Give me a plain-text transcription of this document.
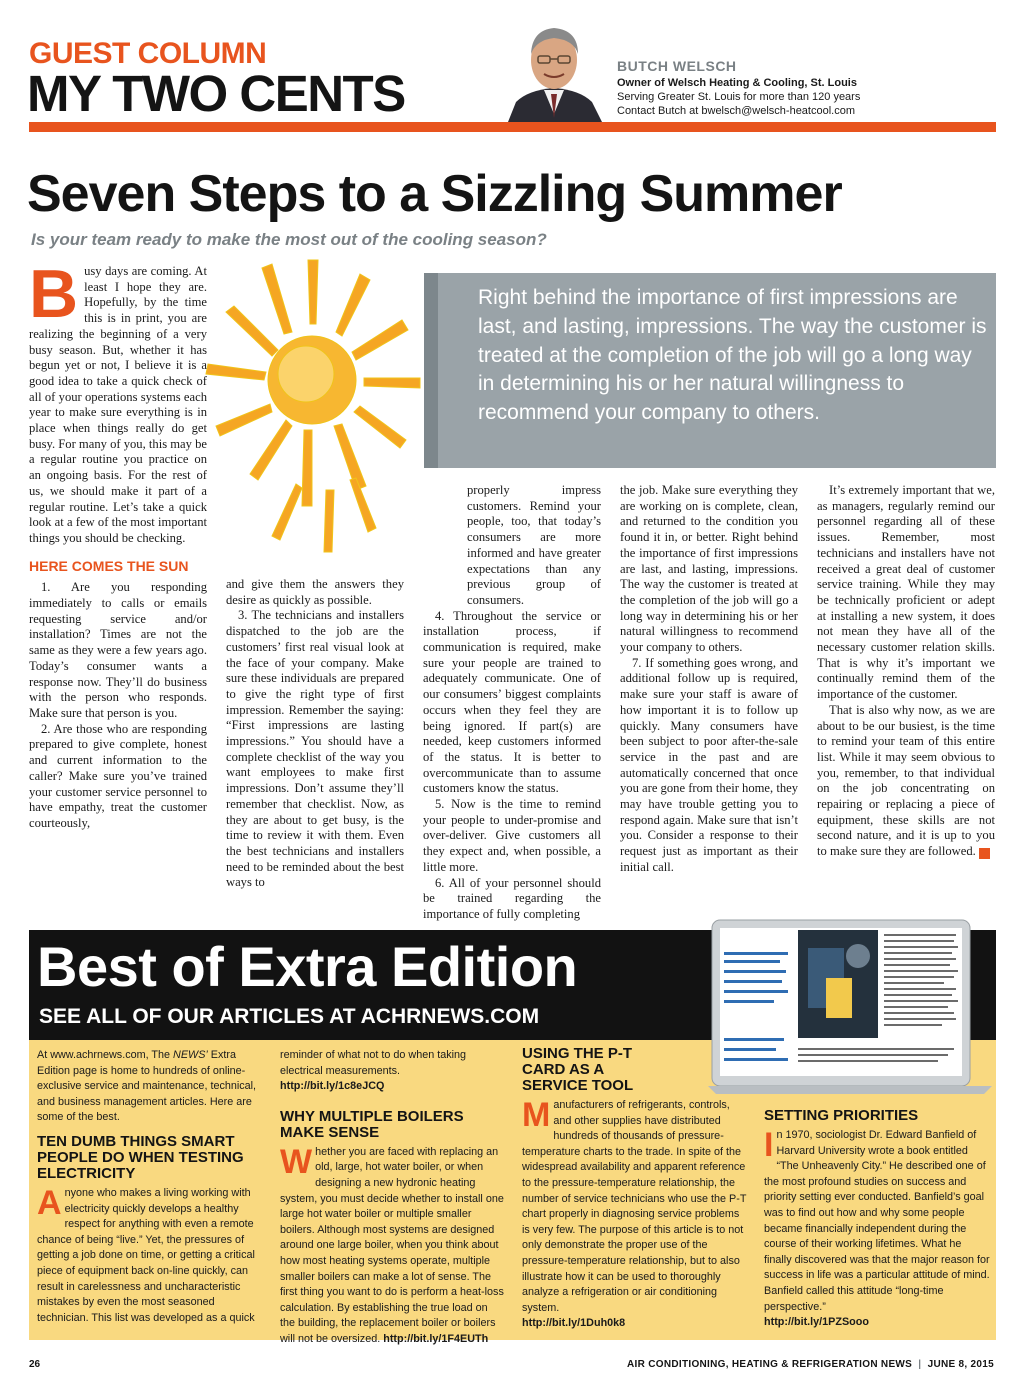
GUEST COLUMN
MY TWO CENTS	BUTCH WELSCH
Owner of Welsch Heating & Cooling, St. Louis
Serving Greater St. Louis for more than 120 years
Contact Butch at bwelsch@welsch-heatcool.com
Seven Steps to a Sizzling Summer
Is your team ready to make the most out of the cooling season?
Right behind the importance of first impressions are last, and lasting, impressions. The way the customer is treated at the completion of the job will go a long way in determining his or her natural willingness to recommend your company to others.

Busy days are coming. At least I hope they are. Hopefully, by the time this is in print, you are realizing the beginning of a very busy season. But, whether it has begun yet or not, I believe it is a good idea to take a quick check of all of your operations systems each year to make sure everything is in place when things really do get busy. For many of you, this may be a regular routine you practice on an ongoing basis. For the rest of us, we should make it part of a regular routine. Let’s take a quick look at a few of the most important things you should be checking.

HERE COMES THE SUN

1. Are you responding immediately to calls or emails requesting service and/or installation? Times are not the same as they were a few years ago. Today’s consumer wants a response now. They’ll do business with the person who responds. Make sure that person is you.

2. Are those who are responding prepared to give complete, honest and current information to the caller? Make sure you’ve trained your customer service personnel to have empathy, treat the customer courteously,

and give them the answers they desire as quickly as possible.

3. The technicians and installers dispatched to the job are the customers’ first real visual look at the face of your company. Make sure these individuals are prepared to give the right type of first impression. Remember the saying: “First impressions are lasting impressions.” You should have a complete checklist of the way you want employees to make first impressions. Don’t assume they’ll remember that checklist. Now, as they are about to get busy, is the time to review it with them. Even the best technicians and installers need to be reminded about the best ways to

properly impress customers. Remind your people, too, that today’s consumers are more informed and have greater expectations than any previous group of consumers.

4. Throughout the service or installation process, if communication is required, make sure your people are trained to adequately communicate. One of our consumers’ biggest complaints occurs when they feel they are being ignored. If part(s) are needed, keep customers informed of the status. It is better to overcommunicate than to assume customers know the status.

5. Now is the time to remind your people to under-promise and over-deliver. Give customers all they expect and, when possible, a little more.

6. All of your personnel should be trained regarding the importance of fully completing

the job. Make sure everything they are working on is complete, clean, and returned to the condition you found it in, or better. Right behind the importance of first impressions are last, and lasting, impressions. The way the customer is treated at the completion of the job will go a long way in determining his or her natural willingness to recommend your company to others.

7. If something goes wrong, and additional follow up is required, make sure your staff is aware of how important it is to follow up quickly. Many consumers have been subject to poor after-the-sale service in the past and are automatically concerned that once you are gone from their home, they may have trouble getting you to respond again. Make sure that isn’t you. Consider a response to their request just as important as their initial call.

It’s extremely important that we, as managers, regularly remind our personnel regarding all of these issues. Remember, most technicians and installers have not received a great deal of customer service training. While they may be technically proficient or adept at installing a new system, it does not mean they have all of the necessary customer relation skills. That is why it’s important we continually remind them of the importance of the customer.

That is also why now, as we are about to be our busiest, is the time to remind your team of this entire list. While it may seem obvious to you, remember, to that individual on the job concentrating on repairing or replacing a piece of equipment, these skills are not second nature, and it is up to you to make sure they are followed. N

Best of Extra Edition
SEE ALL OF OUR ARTICLES AT ACHRNEWS.COM

At www.achrnews.com, The NEWS’ Extra Edition page is home to hundreds of online-exclusive service and maintenance, technical, and business management articles. Here are some of the best.

TEN DUMB THINGS SMART PEOPLE DO WHEN TESTING ELECTRICITY

Anyone who makes a living working with electricity quickly develops a healthy respect for anything with even a remote chance of being “live.” Yet, the pressures of getting a job done on time, or getting a critical piece of equipment back on-line quickly, can result in carelessness and uncharacteristic mistakes by even the most seasoned technician. This list was developed as a quick

reminder of what not to do when taking electrical measurements. http://bit.ly/1c8eJCQ

WHY MULTIPLE BOILERS MAKE SENSE

Whether you are faced with replacing an old, large, hot water boiler, or when designing a new hydronic heating system, you must decide whether to install one large hot water boiler or multiple smaller boilers. Although most systems are designed around one large boiler, when you think about how most heating systems operate, multiple smaller boilers can make a lot of sense. The first thing you want to do is perform a heat-loss calculation. By establishing the true load on the building, the replacement boiler or boilers will not be oversized. http://bit.ly/1F4EUTh

USING THE P-T CARD AS A SERVICE TOOL

Manufacturers of refrigerants, controls, and other supplies have distributed hundreds of thousands of pressure-temperature charts to the trade. In spite of the widespread availability and apparent reference to the pressure-temperature relationship, the number of service technicians who use the P-T chart properly in diagnosing service problems is very few. The purpose of this article is to not only demonstrate the proper use of the pressure-temperature relationship, but to also illustrate how it can be used to thoroughly analyze a refrigeration or air conditioning system.

http://bit.ly/1Duh0k8

SETTING PRIORITIES

In 1970, sociologist Dr. Edward Banfield of Harvard University wrote a book entitled “The Unheavenly City.” He described one of the most profound studies on success and priority setting ever conducted. Banfield’s goal was to find out how and why some people became financially independent during the course of their working lifetimes. What he finally discovered was that the major reason for success in life was a particular attitude of mind. Banfield called this attitude “long-time perspective.”

http://bit.ly/1PZSooo

26	AIR CONDITIONING, HEATING & REFRIGERATION NEWS  |  JUNE 8, 2015
